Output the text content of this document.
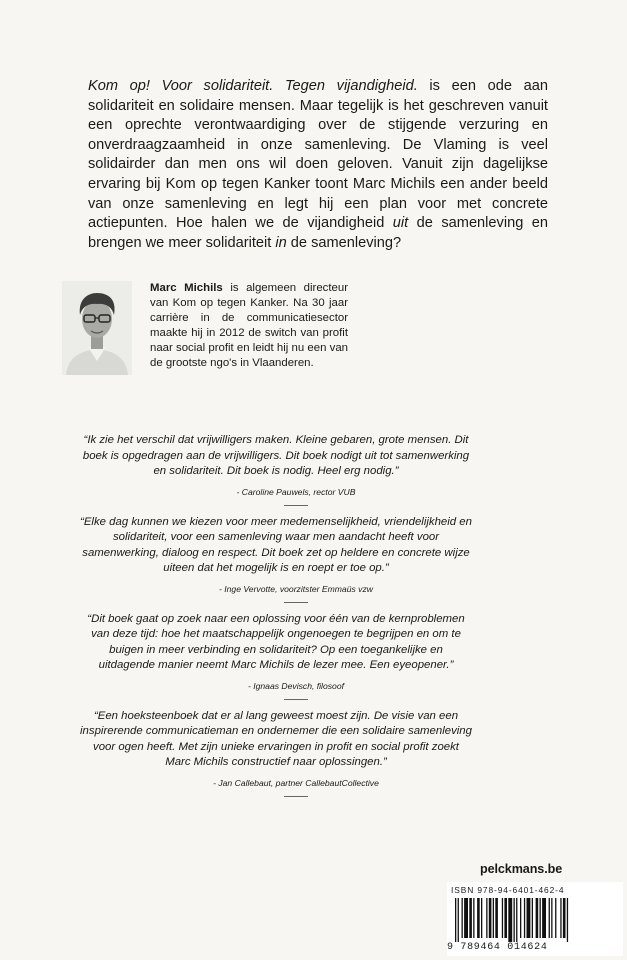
Kom op! Voor solidariteit. Tegen vijandigheid. is een ode aan solidariteit en solidaire mensen. Maar tegelijk is het geschreven vanuit een oprechte verontwaardiging over de stijgende verzuring en onverdraagzaamheid in onze samenleving. De Vlaming is veel solidairder dan men ons wil doen geloven. Vanuit zijn dagelijkse ervaring bij Kom op tegen Kanker toont Marc Michils een ander beeld van onze samenleving en legt hij een plan voor met concrete actiepunten. Hoe halen we de vijandigheid uit de samenleving en brengen we meer solidariteit in de samenleving?

Marc Michils is algemeen directeur van Kom op tegen Kanker. Na 30 jaar carrière in de communicatiesector maakte hij in 2012 de switch van profit naar social profit en leidt hij nu een van de grootste ngo's in Vlaanderen.

“Ik zie het verschil dat vrijwilligers maken. Kleine gebaren, grote mensen. Dit boek is opgedragen aan de vrijwilligers. Dit boek nodigt uit tot samenwerking en solidariteit. Dit boek is nodig. Heel erg nodig.”

- Caroline Pauwels, rector VUB

“Elke dag kunnen we kiezen voor meer medemenselijkheid, vriendelijkheid en solidariteit, voor een samenleving waar men aandacht heeft voor samenwerking, dialoog en respect. Dit boek zet op heldere en concrete wijze uiteen dat het mogelijk is en roept er toe op.”

- Inge Vervotte, voorzitster Emmaüs vzw

“Dit boek gaat op zoek naar een oplossing voor één van de kernproblemen van deze tijd: hoe het maatschappelijk ongenoegen te begrijpen en om te buigen in meer verbinding en solidariteit? Op een toegankelijke en uitdagende manier neemt Marc Michils de lezer mee. Een eyeopener.”

- Ignaas Devisch, filosoof

“Een hoeksteenboek dat er al lang geweest moest zijn. De visie van een inspirerende communicatieman en ondernemer die een solidaire samenleving voor ogen heeft. Met zijn unieke ervaringen in profit en social profit zoekt Marc Michils constructief naar oplossingen.”

- Jan Callebaut, partner CallebautCollective

pelckmans.be
ISBN 978-94-6401-462-4
9 789464 014624
